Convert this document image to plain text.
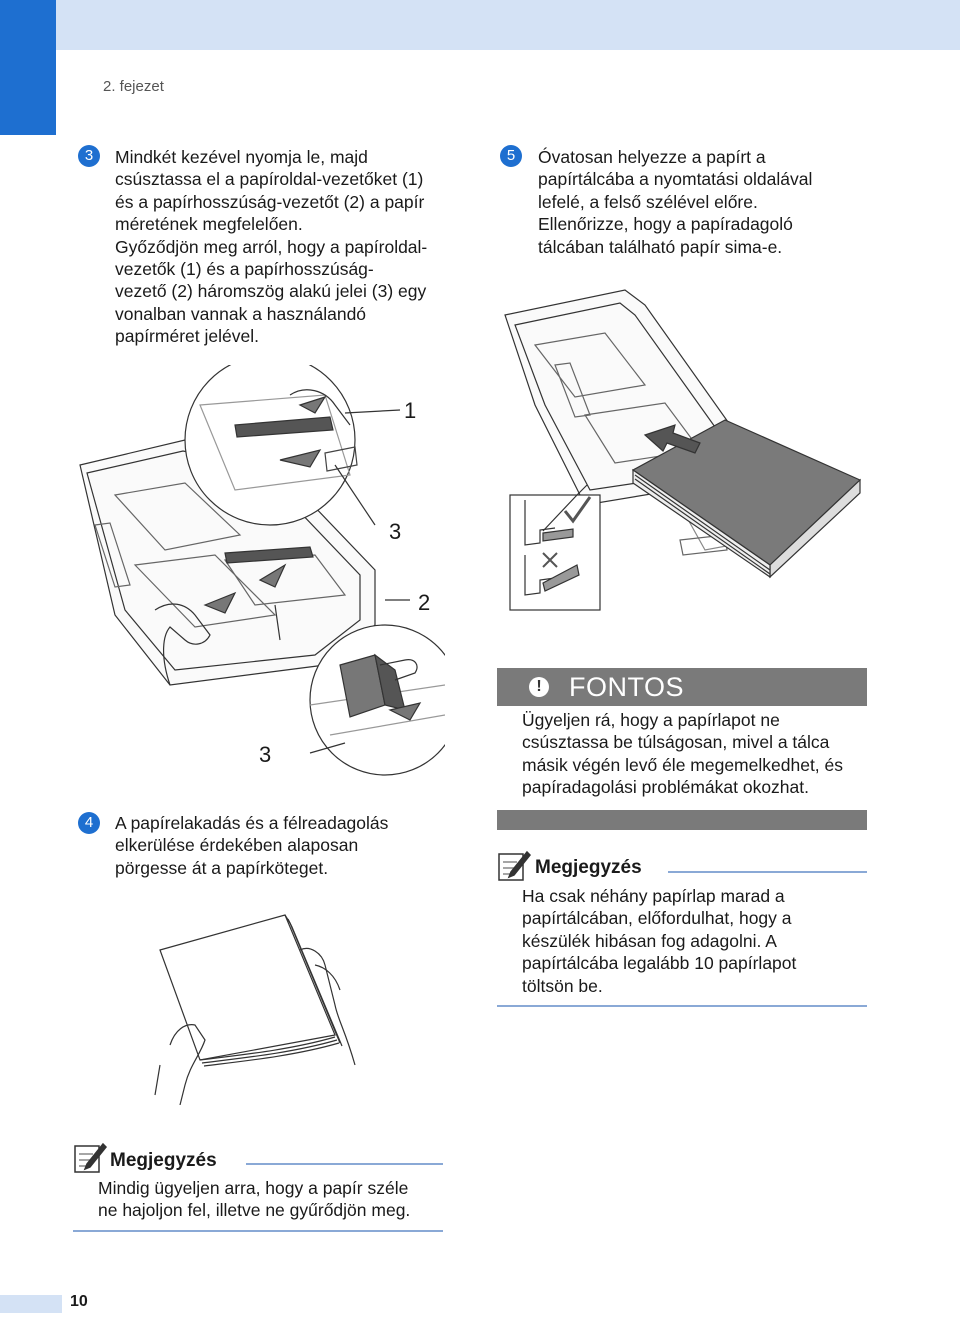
2. fejezet
3	Mindkét kezével nyomja le, majd
csúsztassa el a papíroldal-vezetőket (1)
és a papírhosszúság-vezetőt (2) a papír
méretének megfelelően.
Győződjön meg arról, hogy a papíroldal-
vezetők (1) és a papírhosszúság-
vezető (2) háromszög alakú jelei (3) egy
vonalban vannak a használandó
papírméret jelével.
5	Óvatosan helyezze a papírt a
papírtálcába a nyomtatási oldalával
lefelé, a felső szélével előre.
Ellenőrizze, hogy a papíradagoló
tálcában található papír sima-e.
1
3
2
3
4	A papírelakadás és a félreadagolás
elkerülése érdekében alaposan
pörgesse át a papírköteget.
! FONTOS
Ügyeljen rá, hogy a papírlapot ne
csúsztassa be túlságosan, mivel a tálca
másik végén levő éle megemelkedhet, és
papíradagolási problémákat okozhat.
Megjegyzés
Ha csak néhány papírlap marad a
papírtálcában, előfordulhat, hogy a
készülék hibásan fog adagolni. A
papírtálcába legalább 10 papírlapot
töltsön be.
Megjegyzés
Mindig ügyeljen arra, hogy a papír széle
ne hajoljon fel, illetve ne gyűrődjön meg.
10
